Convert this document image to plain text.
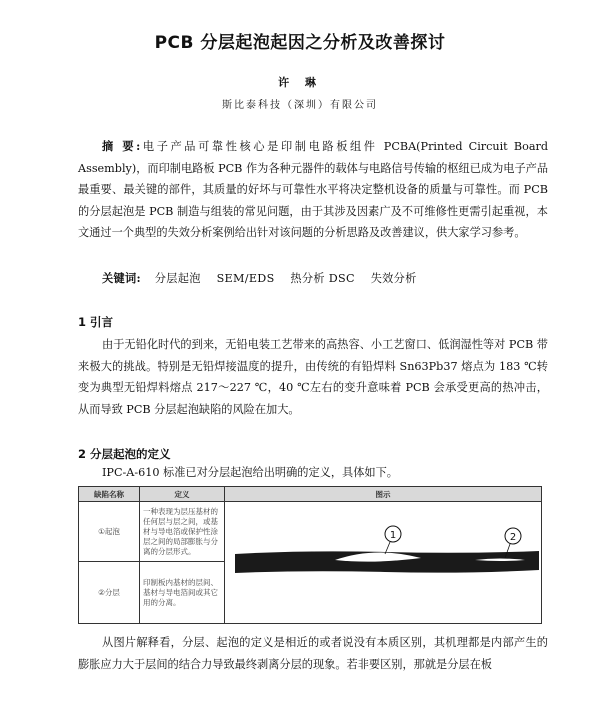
PCB 分层起泡起因之分析及改善探讨
许 琳
斯比泰科技（深圳）有限公司
摘 要:电子产品可靠性核心是印制电路板组件 PCBA(Printed Circuit Board Assembly)，而印制电路板 PCB 作为各种元器件的载体与电路信号传输的枢纽已成为电子产品最重要、最关键的部件，其质量的好坏与可靠性水平将决定整机设备的质量与可靠性。而 PCB 的分层起泡是 PCB 制造与组装的常见问题，由于其涉及因素广及不可维修性更需引起重视，本文通过一个典型的失效分析案例给出针对该问题的分析思路及改善建议，供大家学习参考。
关键词: 分层起泡 SEM/EDS 热分析 DSC 失效分析
1 引言
由于无铅化时代的到来，无铅电装工艺带来的高热容、小工艺窗口、低润湿性等对 PCB 带来极大的挑战。特别是无铅焊接温度的提升，由传统的有铅焊料 Sn63Pb37 熔点为 183 ℃转变为典型无铅焊料熔点 217～227 ℃，40 ℃左右的变升意味着 PCB 会承受更高的热冲击，从而导致 PCB 分层起泡缺陷的风险在加大。
2 分层起泡的定义
IPC-A-610 标准已对分层起泡给出明确的定义，具体如下。
缺陷名称	定义	图示
①起泡	一种表现为层压基材的任何层与层之间，或基材与导电箔或保护性涂层之间的局部膨胀与分离的分层形式。	1 2

②分层	印制板内基材的层间、基材与导电箔间或其它用的分离。	
从图片解释看，分层、起泡的定义是相近的或者说没有本质区别，其机理都是内部产生的膨胀应力大于层间的结合力导致最终剥离分层的现象。若非要区别，那就是分层在板
